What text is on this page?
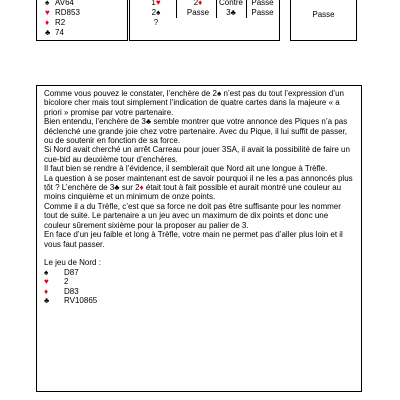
♠ AV64
♥ RD853
♦ R2
♣ 74
1♥
2♠
?
2♦
Passe
Contre
3♣
Passe
Passe	Passe

Comme vous pouvez le constater, l’enchère de 2♠ n’est pas du tout l’expression d’un bicolore cher mais tout simplement l’indication de quatre cartes dans la majeure « a priori » promise par votre partenaire.

Bien entendu, l’enchère de 3♣ semble montrer que votre annonce des Piques n’a pas déclenché une grande joie chez votre partenaire. Avec du Pique, il lui suffit de passer, ou de soutenir en fonction de sa force.

Si Nord avait cherché un arrêt Carreau pour jouer 3SA, il avait la possibilité de faire un cue-bid au deuxième tour d’enchères.

Il faut bien se rendre à l’évidence, il semblerait que Nord ait une longue à Trèfle.

La question à se poser maintenant est de savoir pourquoi il ne les a pas annoncés plus tôt ? L’enchère de 3♣ sur 2♦ était tout à fait possible et aurait montré une couleur au moins cinquième et un minimum de onze points.

Comme il a du Trèfle, c’est que sa force ne doit pas être suffisante pour les nommer tout de suite. Le partenaire a un jeu avec un maximum de dix points et donc une couleur sûrement sixième pour la proposer au palier de 3.

En face d’un jeu faible et long à Trèfle, votre main ne permet pas d’aller plus loin et il vous faut passer.

Le jeu de Nord :

♠ D87
♥ 2
♦ D83
♣ RV10865
